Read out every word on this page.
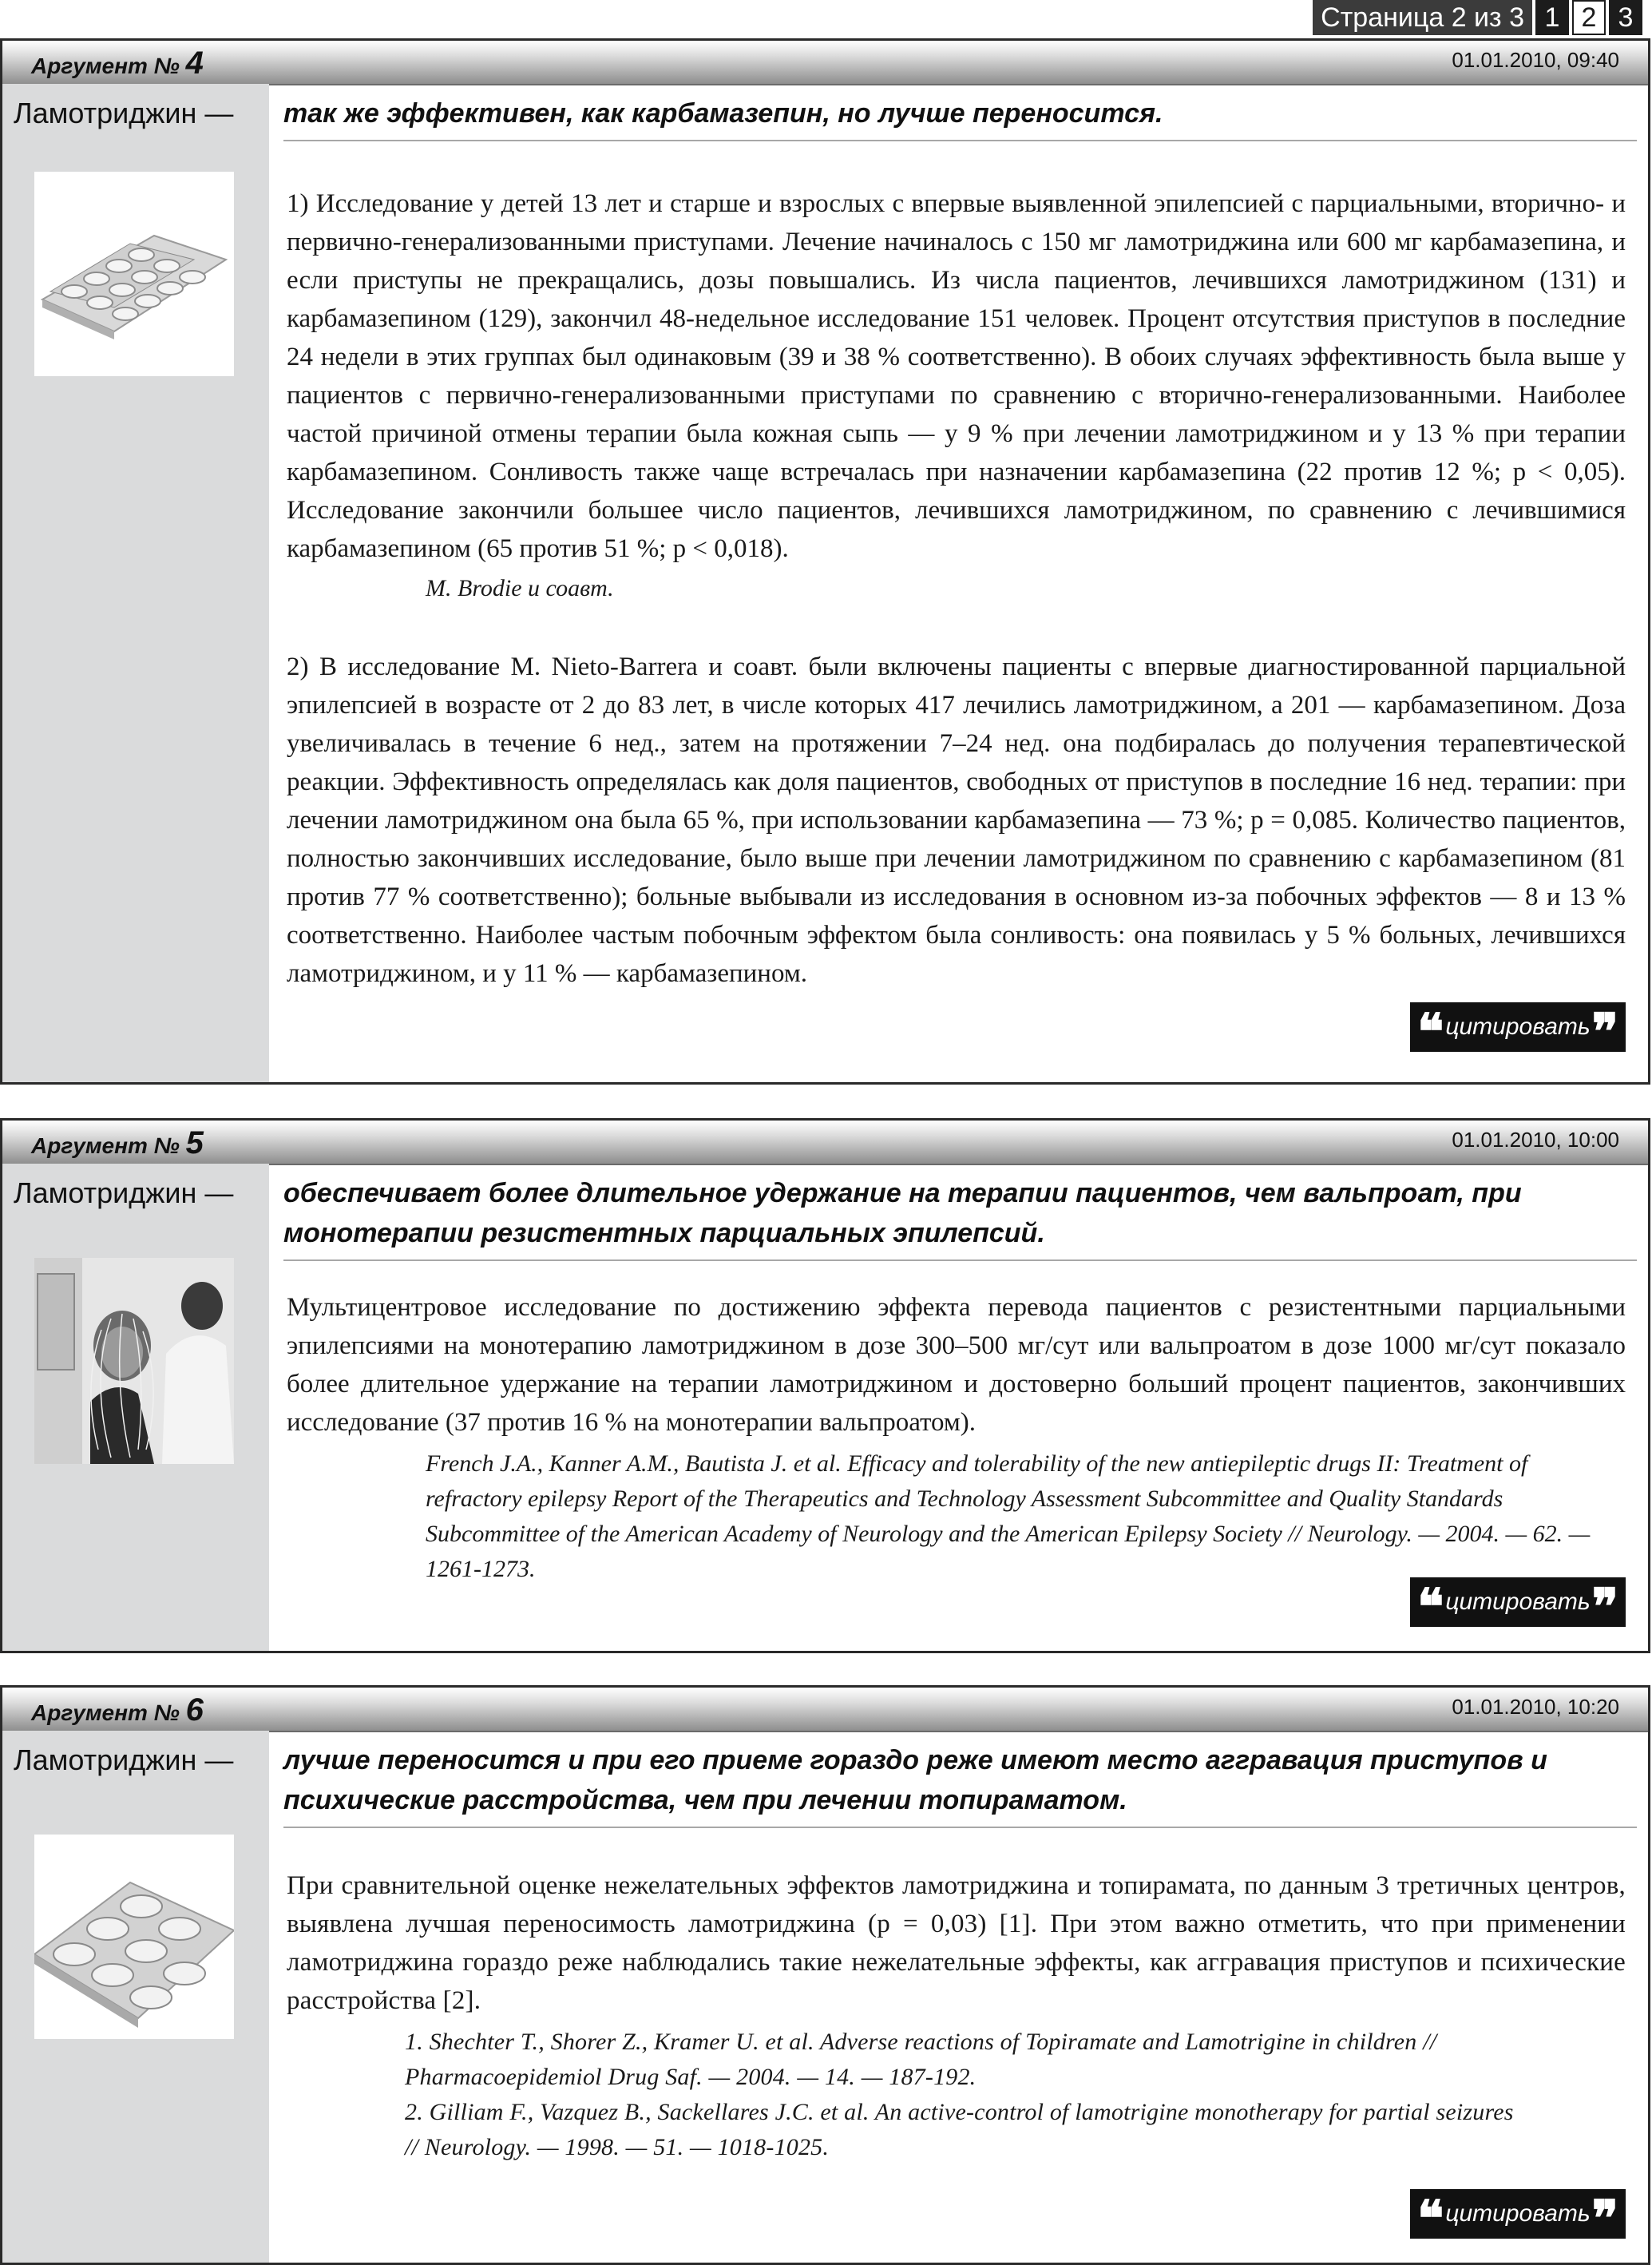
Страница 2 из 3 1 2 3
Аргумент № 4	01.01.2010, 09:40
Ламотриджин — так же эффективен, как карбамазепин, но лучше переносится.

1) Исследование у детей 13 лет и старше и взрослых с впервые выявленной эпилепсией с парциальными, вторично- и первично-генерализованными приступами. Лечение начиналось с 150 мг ламотриджина или 600 мг карбамазепина, и если приступы не прекращались, дозы повышались. Из числа пациентов, лечившихся ламотриджином (131) и карбамазепином (129), закончил 48-недельное исследование 151 человек. Процент отсутствия приступов в последние 24 недели в этих группах был одинаковым (39 и 38 % соответственно). В обоих случаях эффективность была выше у пациентов с первично-генерализованными приступами по сравнению с вторично-генерализованными. Наиболее частой причиной отмены терапии была кожная сыпь — у 9 % при лечении ламотриджином и у 13 % при терапии карбамазепином. Сонливость также чаще встречалась при назначении карбамазепина (22 против 12 %; p < 0,05). Исследование закончили большее число пациентов, лечившихся ламотриджином, по сравнению с лечившимися карбамазепином (65 против 51 %; p < 0,018).

M. Brodie и соавт.

2) В исследование M. Nieto-Barrera и соавт. были включены пациенты с впервые диагностированной парциальной эпилепсией в возрасте от 2 до 83 лет, в числе которых 417 лечились ламотриджином, а 201 — карбамазепином. Доза увеличивалась в течение 6 нед., затем на протяжении 7–24 нед. она подбиралась до получения терапевтической реакции. Эффективность определялась как доля пациентов, свободных от приступов в последние 16 нед. терапии: при лечении ламотриджином она была 65 %, при использовании карбамазепина — 73 %; p = 0,085. Количество пациентов, полностью закончивших исследование, было выше при лечении ламотриджином по сравнению с карбамазепином (81 против 77 % соответственно); больные выбывали из исследования в основном из-за побочных эффектов — 8 и 13 % соответственно. Наиболее частым побочным эффектом была сонливость: она появилась у 5 % больных, лечившихся ламотриджином, и у 11 % — карбамазепином.

❝ цитировать ❞
Аргумент № 5	01.01.2010, 10:00
Ламотриджин — обеспечивает более длительное удержание на терапии пациентов, чем вальпроат, при монотерапии резистентных парциальных эпилепсий.

Мультицентровое исследование по достижению эффекта перевода пациентов с резистентными парциальными эпилепсиями на монотерапию ламотриджином в дозе 300–500 мг/сут или вальпроатом в дозе 1000 мг/сут показало более длительное удержание на терапии ламотриджином и достоверно больший процент пациентов, закончивших исследование (37 против 16 % на монотерапии вальпроатом).

French J.A., Kanner A.M., Bautista J. et al. Efficacy and tolerability of the new antiepileptic drugs II: Treatment of refractory epilepsy Report of the Therapeutics and Technology Assessment Subcommittee and Quality Standards Subcommittee of the American Academy of Neurology and the American Epilepsy Society // Neurology. — 2004. — 62. — 1261-1273.

❝ цитировать ❞
Аргумент № 6	01.01.2010, 10:20
Ламотриджин — лучше переносится и при его приеме гораздо реже имеют место аггравация приступов и психические расстройства, чем при лечении топираматом.

При сравнительной оценке нежелательных эффектов ламотриджина и топирамата, по данным 3 третичных центров, выявлена лучшая переносимость ламотриджина (p = 0,03) [1]. При этом важно отметить, что при применении ламотриджина гораздо реже наблюдались такие нежелательные эффекты, как аггравация приступов и психические расстройства [2].

1. Shechter T., Shorer Z., Kramer U. et al. Adverse reactions of Topiramate and Lamotrigine in children // Pharmacoepidemiol Drug Saf. — 2004. — 14. — 187-192.

2. Gilliam F., Vazquez B., Sackellares J.C. et al. An active-control of lamotrigine monotherapy for partial seizures // Neurology. — 1998. — 51. — 1018-1025.

❝ цитировать ❞
